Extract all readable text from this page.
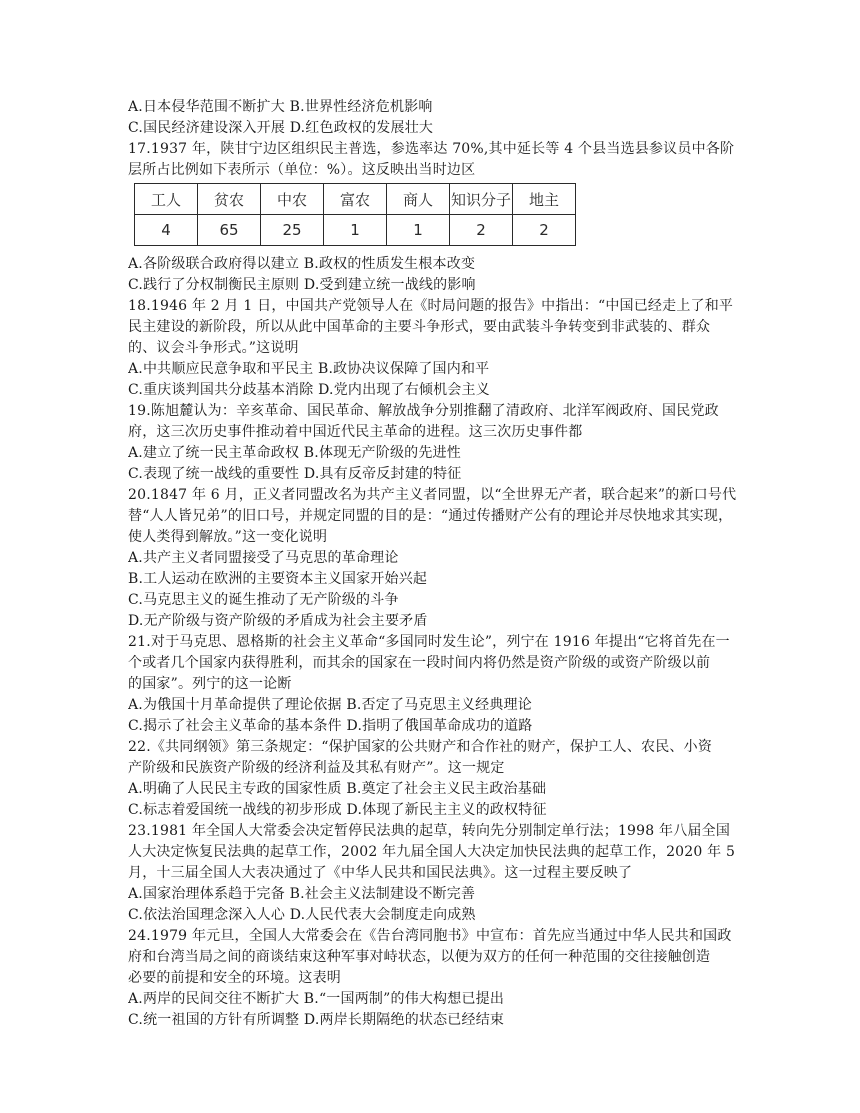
A.日本侵华范围不断扩大 B.世界性经济危机影响
C.国民经济建设深入开展 D.红色政权的发展壮大
17.1937 年，陕甘宁边区组织民主普选，参选率达 70%,其中延长等 4 个县当选县参议员中各阶
层所占比例如下表所示（单位：%）。这反映出当时边区
工人	贫农	中农	富农	商人	知识分子	地主
4	65	25	1	1	2	2
A.各阶级联合政府得以建立 B.政权的性质发生根本改变
C.践行了分权制衡民主原则 D.受到建立统一战线的影响
18.1946 年 2 月 1 日，中国共产党领导人在《时局问题的报告》中指出：“中国已经走上了和平
民主建设的新阶段，所以从此中国革命的主要斗争形式，要由武装斗争转变到非武装的、群众
的、议会斗争形式。”这说明
A.中共顺应民意争取和平民主 B.政协决议保障了国内和平
C.重庆谈判国共分歧基本消除 D.党内出现了右倾机会主义
19.陈旭麓认为：辛亥革命、国民革命、解放战争分别推翻了清政府、北洋军阀政府、国民党政
府，这三次历史事件推动着中国近代民主革命的进程。这三次历史事件都
A.建立了统一民主革命政权 B.体现无产阶级的先进性
C.表现了统一战线的重要性 D.具有反帝反封建的特征
20.1847 年 6 月，正义者同盟改名为共产主义者同盟，以“全世界无产者，联合起来”的新口号代
替“人人皆兄弟”的旧口号，并规定同盟的目的是：“通过传播财产公有的理论并尽快地求其实现，
使人类得到解放。”这一变化说明
A.共产主义者同盟接受了马克思的革命理论
B.工人运动在欧洲的主要资本主义国家开始兴起
C.马克思主义的诞生推动了无产阶级的斗争
D.无产阶级与资产阶级的矛盾成为社会主要矛盾
21.对于马克思、恩格斯的社会主义革命“多国同时发生论”，列宁在 1916 年提出“它将首先在一
个或者几个国家内获得胜利，而其余的国家在一段时间内将仍然是资产阶级的或资产阶级以前
的国家”。列宁的这一论断
A.为俄国十月革命提供了理论依据 B.否定了马克思主义经典理论
C.揭示了社会主义革命的基本条件 D.指明了俄国革命成功的道路
22.《共同纲领》第三条规定：“保护国家的公共财产和合作社的财产，保护工人、农民、小资
产阶级和民族资产阶级的经济利益及其私有财产”。这一规定
A.明确了人民民主专政的国家性质 B.奠定了社会主义民主政治基础
C.标志着爱国统一战线的初步形成 D.体现了新民主主义的政权特征
23.1981 年全国人大常委会决定暂停民法典的起草，转向先分别制定单行法；1998 年八届全国
人大决定恢复民法典的起草工作，2002 年九届全国人大决定加快民法典的起草工作，2020 年 5
月，十三届全国人大表决通过了《中华人民共和国民法典》。这一过程主要反映了
A.国家治理体系趋于完备 B.社会主义法制建设不断完善
C.依法治国理念深入人心 D.人民代表大会制度走向成熟
24.1979 年元旦，全国人大常委会在《告台湾同胞书》中宣布：首先应当通过中华人民共和国政
府和台湾当局之间的商谈结束这种军事对峙状态，以便为双方的任何一种范围的交往接触创造
必要的前提和安全的环境。这表明
A.两岸的民间交往不断扩大 B.“一国两制”的伟大构想已提出
C.统一祖国的方针有所调整 D.两岸长期隔绝的状态已经结束
